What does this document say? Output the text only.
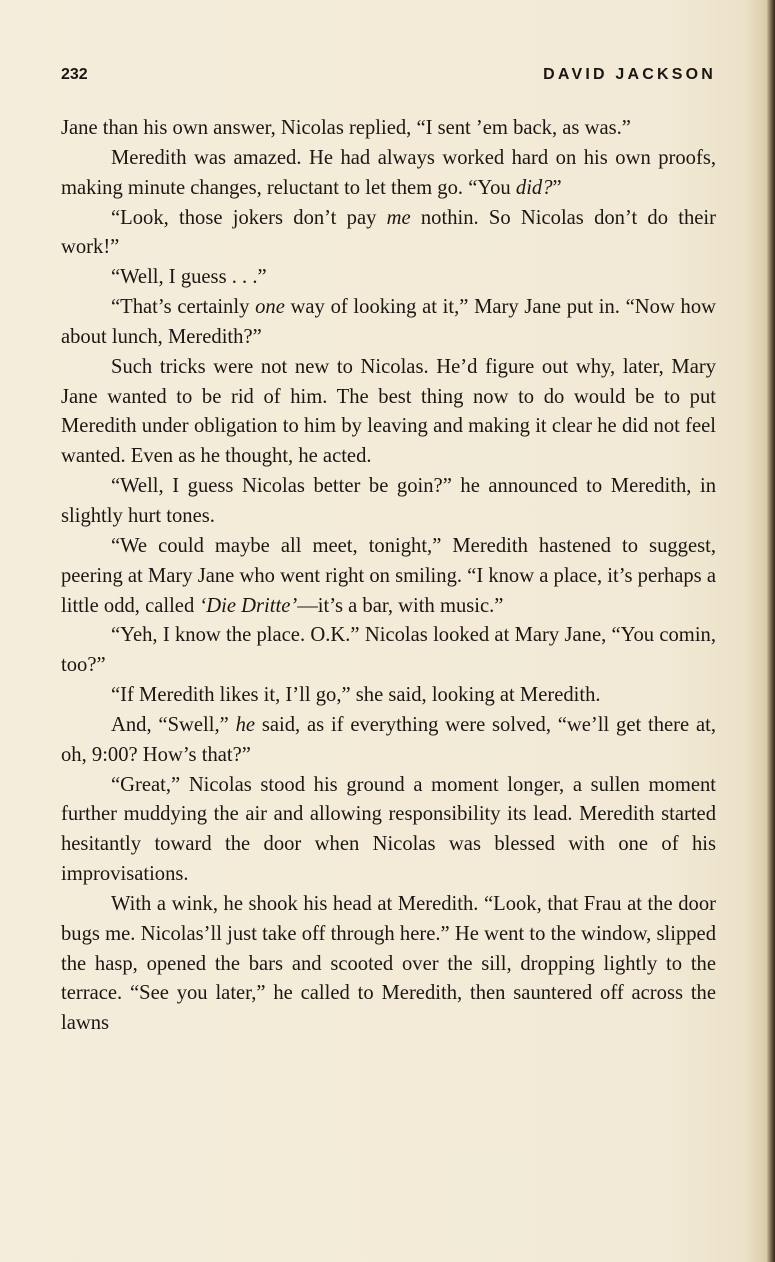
232	DAVID JACKSON

Jane than his own answer, Nicolas replied, “I sent ’em back, as was.”

Meredith was amazed. He had always worked hard on his own proofs, making minute changes, reluctant to let them go. “You did?”

“Look, those jokers don’t pay me nothin. So Nicolas don’t do their work!”

“Well, I guess . . .”

“That’s certainly one way of looking at it,” Mary Jane put in. “Now how about lunch, Meredith?”

Such tricks were not new to Nicolas. He’d figure out why, later, Mary Jane wanted to be rid of him. The best thing now to do would be to put Meredith under obligation to him by leaving and making it clear he did not feel wanted. Even as he thought, he acted.

“Well, I guess Nicolas better be goin?” he announced to Meredith, in slightly hurt tones.

“We could maybe all meet, tonight,” Meredith hastened to suggest, peering at Mary Jane who went right on smiling. “I know a place, it’s perhaps a little odd, called ‘Die Dritte’—it’s a bar, with music.”

“Yeh, I know the place. O.K.” Nicolas looked at Mary Jane, “You comin, too?”

“If Meredith likes it, I’ll go,” she said, looking at Meredith.

And, “Swell,” he said, as if everything were solved, “we’ll get there at, oh, 9:00? How’s that?”

“Great,” Nicolas stood his ground a moment longer, a sullen moment further muddying the air and allowing responsibility its lead. Meredith started hesitantly toward the door when Nicolas was blessed with one of his improvisations.

With a wink, he shook his head at Meredith. “Look, that Frau at the door bugs me. Nicolas’ll just take off through here.” He went to the window, slipped the hasp, opened the bars and scooted over the sill, dropping lightly to the terrace. “See you later,” he called to Meredith, then sauntered off across the lawns
